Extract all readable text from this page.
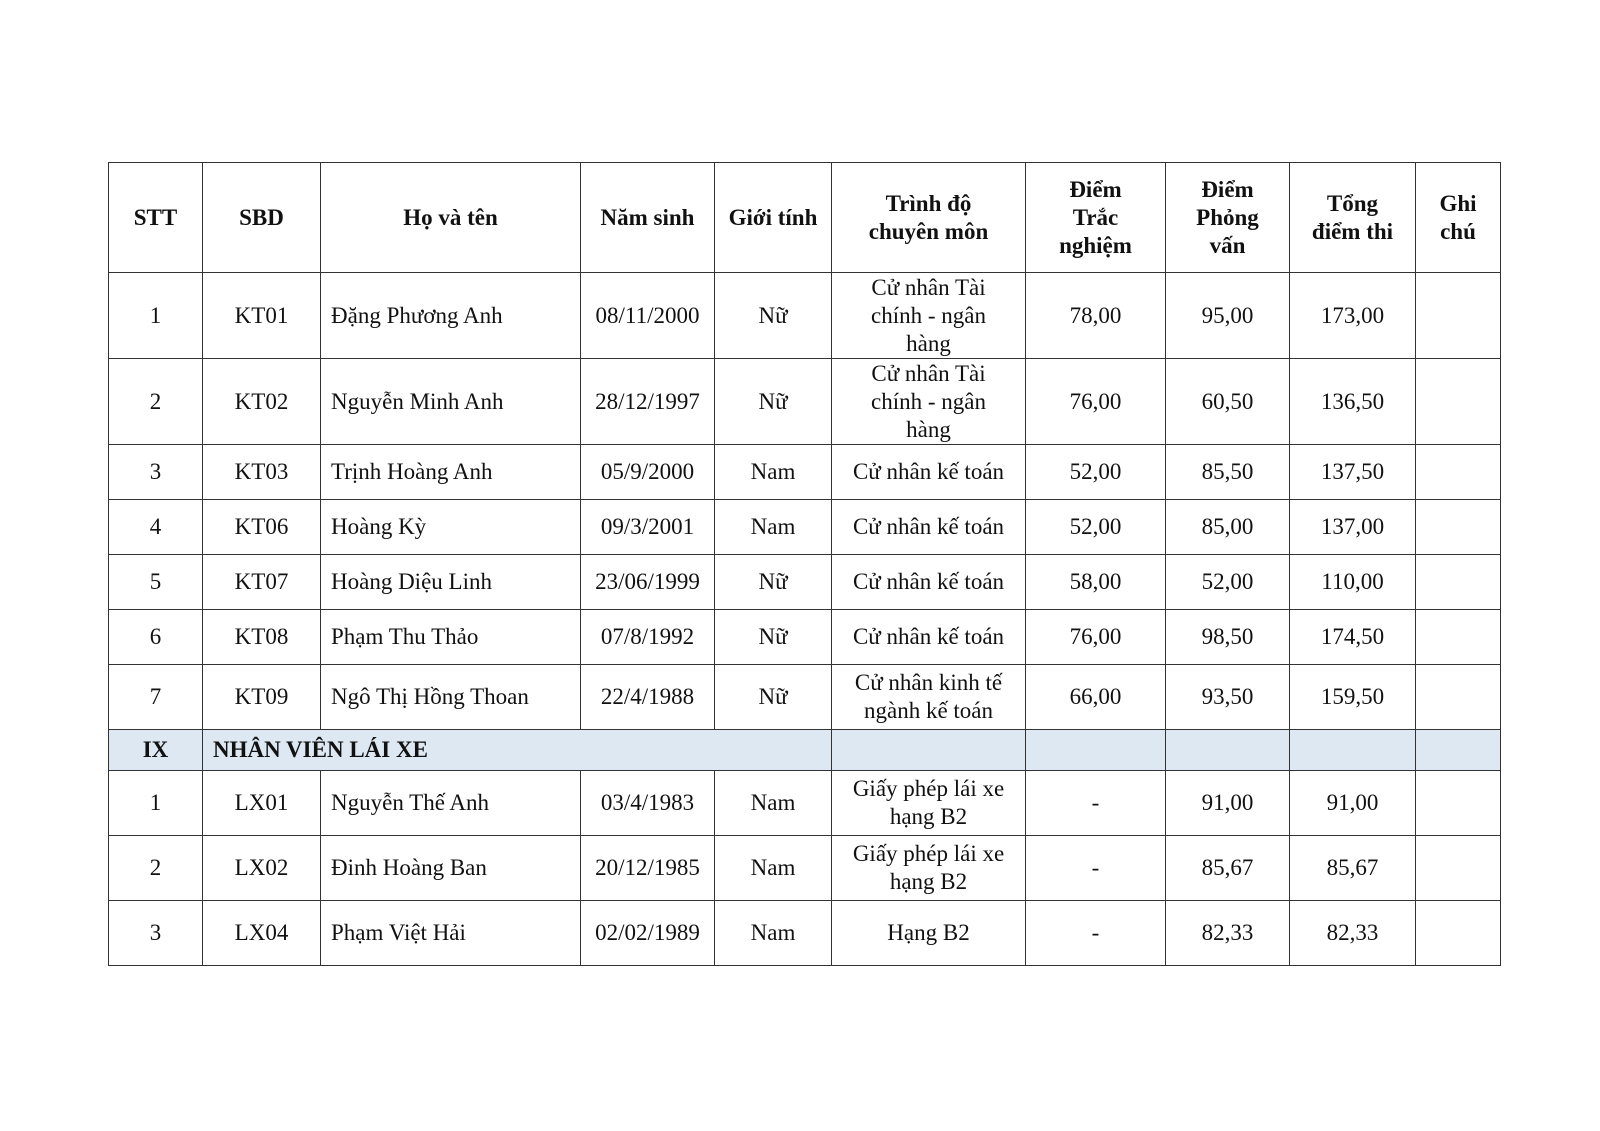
STT	SBD	Họ và tên	Năm sinh	Giới tính	Trình độ chuyên môn	Điểm Trắc nghiệm	Điểm Phỏng vấn	Tổng điểm thi	Ghi chú
1	KT01	Đặng Phương Anh	08/11/2000	Nữ	Cử nhân Tài chính - ngân hàng	78,00	95,00	173,00	
2	KT02	Nguyễn Minh Anh	28/12/1997	Nữ	Cử nhân Tài chính - ngân hàng	76,00	60,50	136,50	
3	KT03	Trịnh Hoàng Anh	05/9/2000	Nam	Cử nhân kế toán	52,00	85,50	137,50	
4	KT06	Hoàng Kỳ	09/3/2001	Nam	Cử nhân kế toán	52,00	85,00	137,00	
5	KT07	Hoàng Diệu Linh	23/06/1999	Nữ	Cử nhân kế toán	58,00	52,00	110,00	
6	KT08	Phạm Thu Thảo	07/8/1992	Nữ	Cử nhân kế toán	76,00	98,50	174,50	
7	KT09	Ngô Thị Hồng Thoan	22/4/1988	Nữ	Cử nhân kinh tế ngành kế toán	66,00	93,50	159,50	
IX	NHÂN VIÊN LÁI XE								
1	LX01	Nguyễn Thế Anh	03/4/1983	Nam	Giấy phép lái xe hạng B2	-	91,00	91,00	
2	LX02	Đinh Hoàng Ban	20/12/1985	Nam	Giấy phép lái xe hạng B2	-	85,67	85,67	
3	LX04	Phạm Việt Hải	02/02/1989	Nam	Hạng B2	-	82,33	82,33	
